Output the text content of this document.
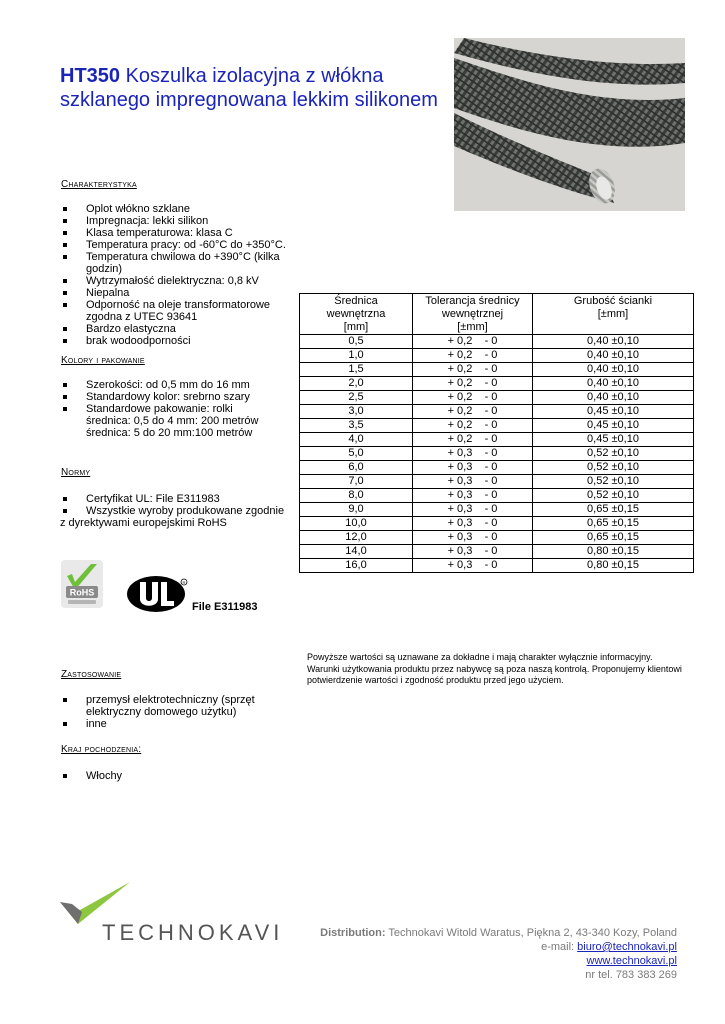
HT350 Koszulka izolacyjna z włókna szklanego impregnowana lekkim silikonem
Charakterystyka
Oplot włókno szklane
Impregnacja: lekki silikon
Klasa temperaturowa: klasa C
Temperatura pracy: od -60°C do +350°C.
Temperatura chwilowa do +390°C (kilka godzin)
Wytrzymałość dielektryczna: 0,8 kV
Niepalna
Odporność na oleje transformatorowe zgodna z UTEC 93641
Bardzo elastyczna
brak wodoodporności
Kolory i pakowanie
Szerokości: od 0,5 mm do 16 mm
Standardowy kolor: srebrno szary
Standardowe pakowanie: rolki
średnica: 0,5 do 4 mm: 200 metrów
średnica: 5 do 20 mm:100 metrów
Normy
Certyfikat UL: File E311983
Wszystkie wyroby produkowane zgodnie
z dyrektywami europejskimi RoHS
RoHS
R
File E311983
Średnica
wewnętrzna
[mm]	Tolerancja średnicy
wewnętrznej
[±mm]	Grubość ścianki
[±mm]
0,5	+ 0,2    - 0	0,40 ±0,10
1,0	+ 0,2    - 0	0,40 ±0,10
1,5	+ 0,2    - 0	0,40 ±0,10
2,0	+ 0,2    - 0	0,40 ±0,10
2,5	+ 0,2    - 0	0,40 ±0,10
3,0	+ 0,2    - 0	0,45 ±0,10
3,5	+ 0,2    - 0	0,45 ±0,10
4,0	+ 0,2    - 0	0,45 ±0,10
5,0	+ 0,3    - 0	0,52 ±0,10
6,0	+ 0,3    - 0	0,52 ±0,10
7,0	+ 0,3    - 0	0,52 ±0,10
8,0	+ 0,3    - 0	0,52 ±0,10
9,0	+ 0,3    - 0	0,65 ±0,15
10,0	+ 0,3    - 0	0,65 ±0,15
12,0	+ 0,3    - 0	0,65 ±0,15
14,0	+ 0,3    - 0	0,80 ±0,15
16,0	+ 0,3    - 0	0,80 ±0,15
Powyższe wartości są uznawane za dokładne i mają charakter wyłącznie informacyjny. Warunki użytkowania produktu przez nabywcę są poza naszą kontrolą. Proponujemy klientowi potwierdzenie wartości i zgodność produktu przed jego użyciem.
Zastosowanie
przemysł elektrotechniczny (sprzęt elektryczny domowego użytku)
inne
Kraj pochodzenia:
Włochy
TECHNOKAVI	Distribution: Technokavi Witold Waratus, Piękna 2, 43-340 Kozy, Poland
e-mail: biuro@technokavi.pl
www.technokavi.pl
nr tel. 783 383 269
